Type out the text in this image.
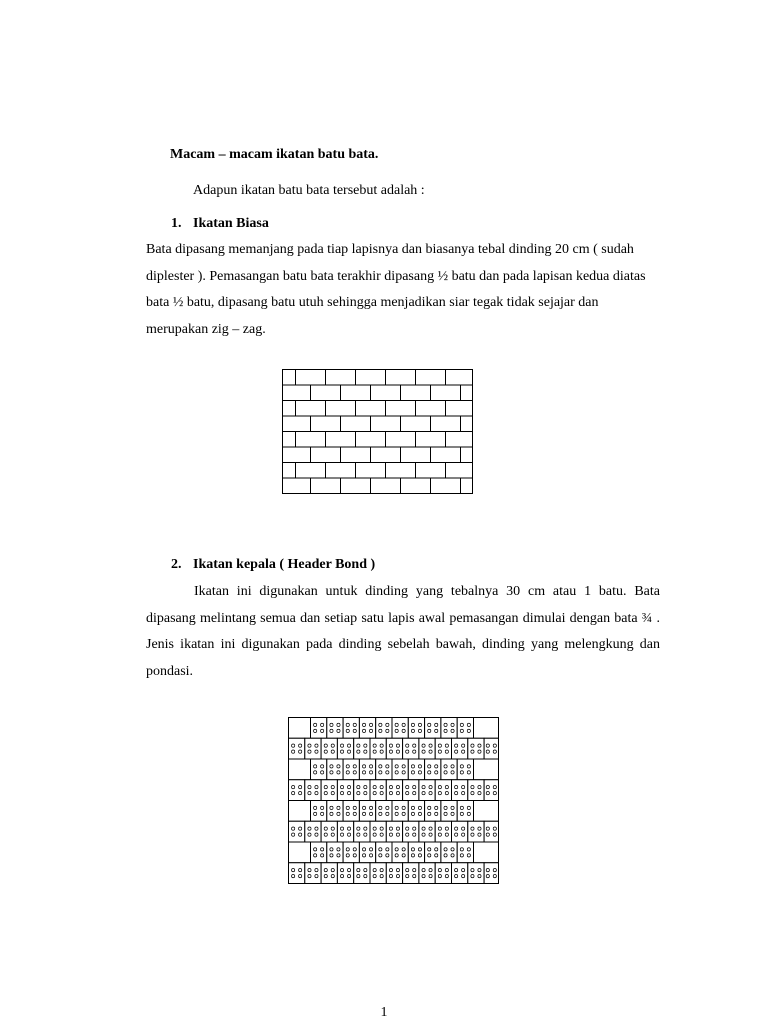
Macam – macam ikatan batu bata.
Adapun ikatan batu bata tersebut adalah :
1. Ikatan Biasa
Bata dipasang memanjang pada tiap lapisnya dan biasanya tebal dinding 20 cm ( sudah diplester ). Pemasangan batu bata terakhir dipasang ½ batu dan pada lapisan kedua diatas bata ½ batu, dipasang batu utuh sehingga menjadikan siar tegak tidak sejajar dan merupakan zig – zag.
2. Ikatan kepala ( Header Bond )
Ikatan ini digunakan untuk dinding yang tebalnya 30 cm atau 1 batu. Bata dipasang melintang semua dan setiap satu lapis awal pemasangan dimulai dengan bata ¾ . Jenis ikatan ini digunakan pada dinding sebelah bawah, dinding yang melengkung dan pondasi.
1
